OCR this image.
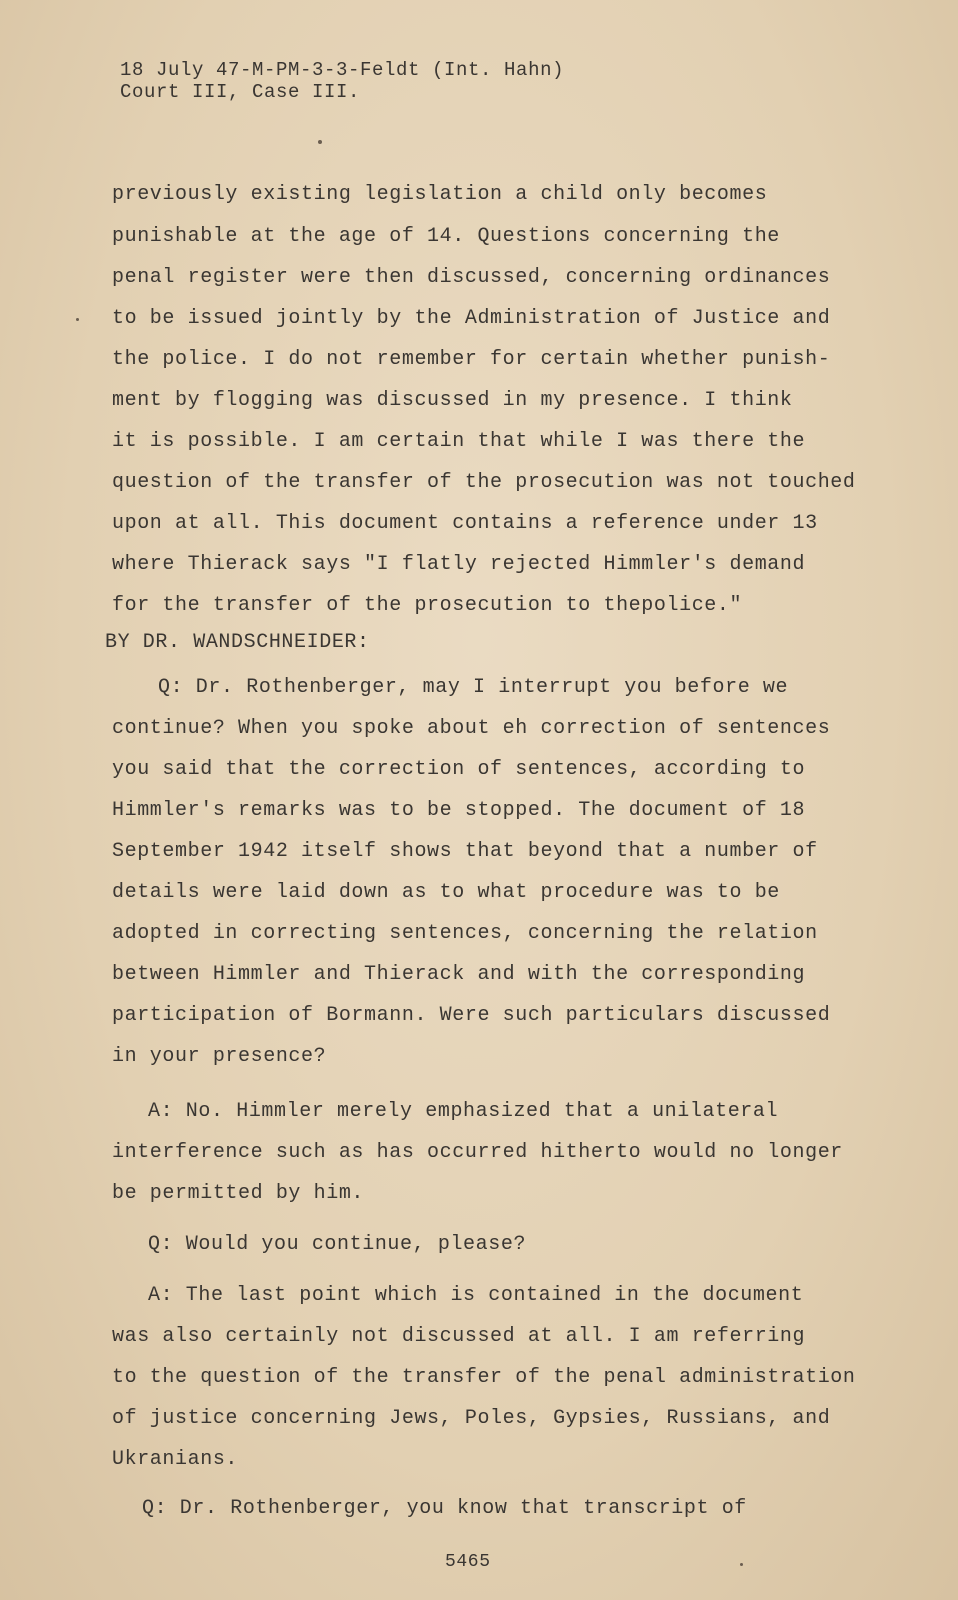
18 July 47-M-PM-3-3-Feldt (Int. Hahn)
Court III, Case III.
previously existing legislation a child only becomes
punishable at the age of 14. Questions concerning the
penal register were then discussed, concerning ordinances
to be issued jointly by the Administration of Justice and
the police. I do not remember for certain whether punish-
ment by flogging was discussed in my presence. I think
it is possible. I am certain that while I was there the
question of the transfer of the prosecution was not touched
upon at all. This document contains a reference under 13
where Thierack says "I flatly rejected Himmler's demand
for the transfer of the prosecution to thepolice."
BY DR. WANDSCHNEIDER:
Q: Dr. Rothenberger, may I interrupt you before we
continue? When you spoke about eh correction of sentences
you said that the correction of sentences, according to
Himmler's remarks was to be stopped. The document of 18
September 1942 itself shows that beyond that a number of
details were laid down as to what procedure was to be
adopted in correcting sentences, concerning the relation
between Himmler and Thierack and with the corresponding
participation of Bormann. Were such particulars discussed
in your presence?
A: No. Himmler merely emphasized that a unilateral
interference such as has occurred hitherto would no longer
be permitted by him.
Q: Would you continue, please?
A: The last point which is contained in the document
was also certainly not discussed at all. I am referring
to the question of the transfer of the penal administration
of justice concerning Jews, Poles, Gypsies, Russians, and
Ukranians.
Q: Dr. Rothenberger, you know that transcript of
5465
